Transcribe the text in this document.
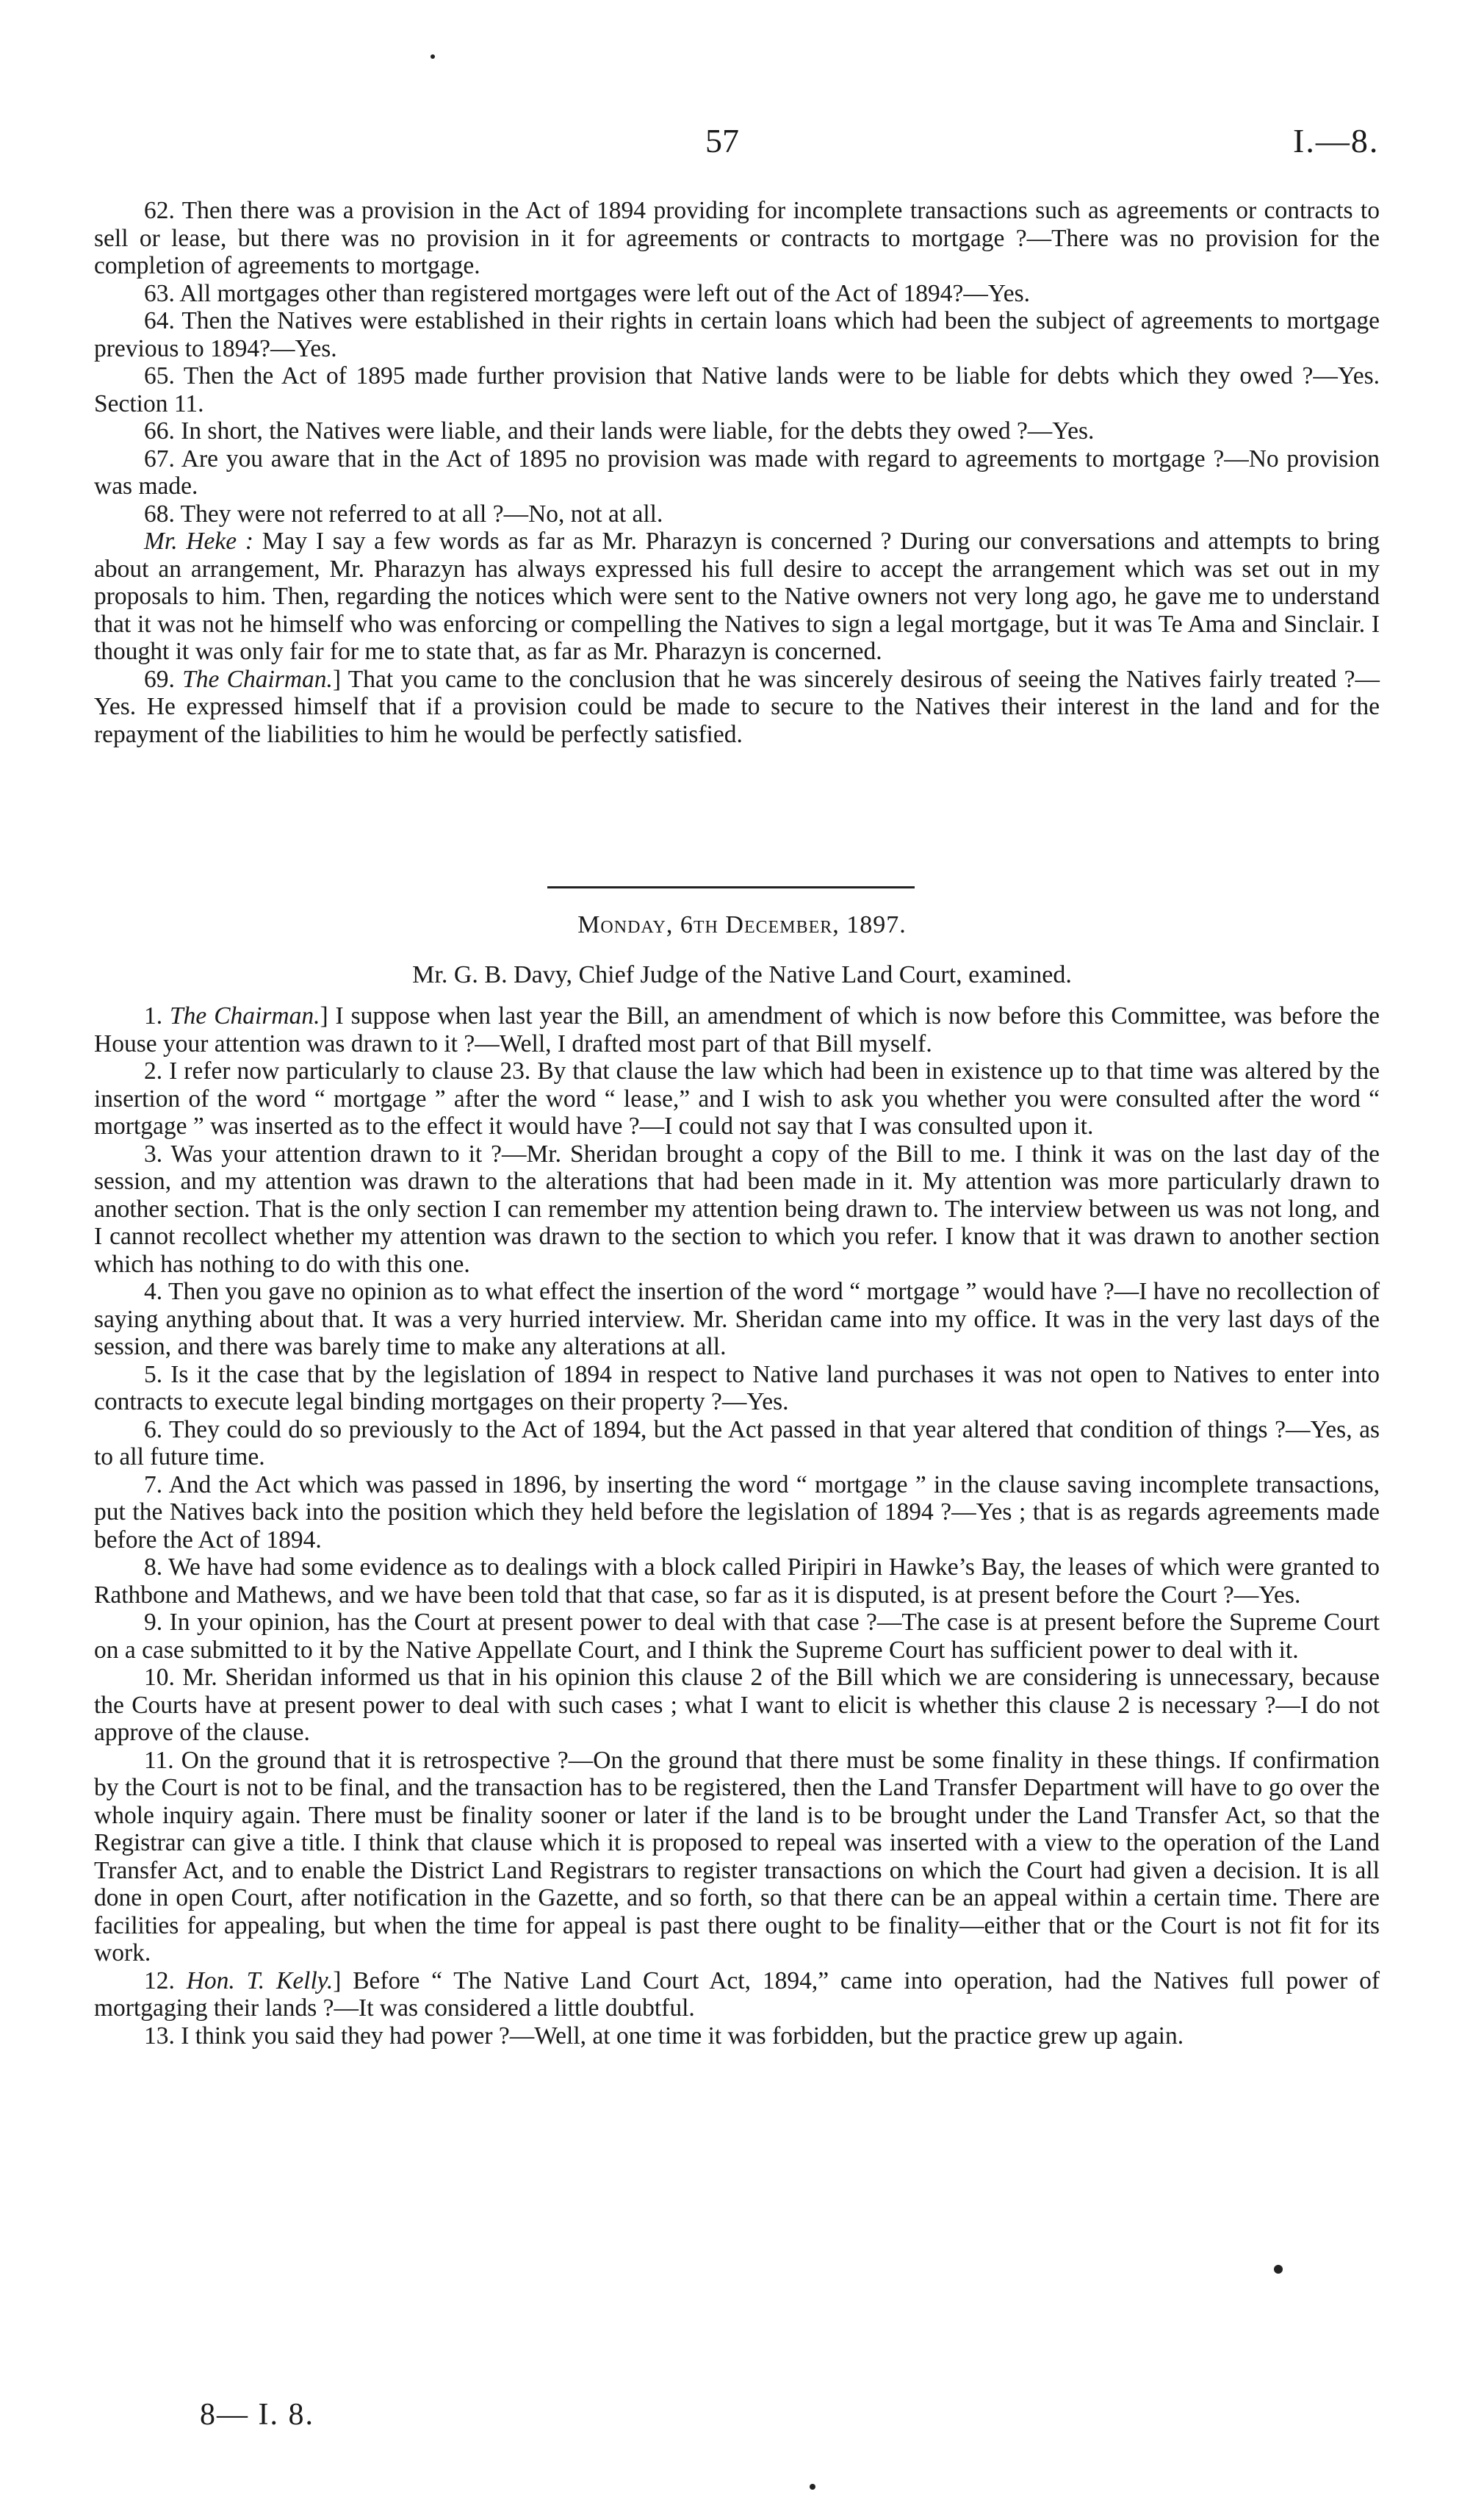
57	I.—8.

62. Then there was a provision in the Act of 1894 providing for incomplete transactions such as agreements or contracts to sell or lease, but there was no provision in it for agreements or contracts to mortgage ?—There was no provision for the completion of agreements to mortgage.

63. All mortgages other than registered mortgages were left out of the Act of 1894?—Yes.

64. Then the Natives were established in their rights in certain loans which had been the subject of agreements to mortgage previous to 1894?—Yes.

65. Then the Act of 1895 made further provision that Native lands were to be liable for debts which they owed ?—Yes. Section 11.

66. In short, the Natives were liable, and their lands were liable, for the debts they owed ?—Yes.

67. Are you aware that in the Act of 1895 no provision was made with regard to agreements to mortgage ?—No provision was made.

68. They were not referred to at all ?—No, not at all.

Mr. Heke : May I say a few words as far as Mr. Pharazyn is concerned ? During our conversations and attempts to bring about an arrangement, Mr. Pharazyn has always expressed his full desire to accept the arrangement which was set out in my proposals to him. Then, regarding the notices which were sent to the Native owners not very long ago, he gave me to understand that it was not he himself who was enforcing or compelling the Natives to sign a legal mortgage, but it was Te Ama and Sinclair. I thought it was only fair for me to state that, as far as Mr. Pharazyn is concerned.

69. The Chairman.] That you came to the conclusion that he was sincerely desirous of seeing the Natives fairly treated ?—Yes. He expressed himself that if a provision could be made to secure to the Natives their interest in the land and for the repayment of the liabilities to him he would be perfectly satisfied.

Monday, 6th December, 1897.
Mr. G. B. Davy, Chief Judge of the Native Land Court, examined.

1. The Chairman.] I suppose when last year the Bill, an amendment of which is now before this Committee, was before the House your attention was drawn to it ?—Well, I drafted most part of that Bill myself.

2. I refer now particularly to clause 23. By that clause the law which had been in existence up to that time was altered by the insertion of the word “ mortgage ” after the word “ lease,” and I wish to ask you whether you were consulted after the word “ mortgage ” was inserted as to the effect it would have ?—I could not say that I was consulted upon it.

3. Was your attention drawn to it ?—Mr. Sheridan brought a copy of the Bill to me. I think it was on the last day of the session, and my attention was drawn to the alterations that had been made in it. My attention was more particularly drawn to another section. That is the only section I can remember my attention being drawn to. The interview between us was not long, and I cannot recollect whether my attention was drawn to the section to which you refer. I know that it was drawn to another section which has nothing to do with this one.

4. Then you gave no opinion as to what effect the insertion of the word “ mortgage ” would have ?—I have no recollection of saying anything about that. It was a very hurried interview. Mr. Sheridan came into my office. It was in the very last days of the session, and there was barely time to make any alterations at all.

5. Is it the case that by the legislation of 1894 in respect to Native land purchases it was not open to Natives to enter into contracts to execute legal binding mortgages on their property ?—Yes.

6. They could do so previously to the Act of 1894, but the Act passed in that year altered that condition of things ?—Yes, as to all future time.

7. And the Act which was passed in 1896, by inserting the word “ mortgage ” in the clause saving incomplete transactions, put the Natives back into the position which they held before the legislation of 1894 ?—Yes ; that is as regards agreements made before the Act of 1894.

8. We have had some evidence as to dealings with a block called Piripiri in Hawke’s Bay, the leases of which were granted to Rathbone and Mathews, and we have been told that that case, so far as it is disputed, is at present before the Court ?—Yes.

9. In your opinion, has the Court at present power to deal with that case ?—The case is at present before the Supreme Court on a case submitted to it by the Native Appellate Court, and I think the Supreme Court has sufficient power to deal with it.

10. Mr. Sheridan informed us that in his opinion this clause 2 of the Bill which we are considering is unnecessary, because the Courts have at present power to deal with such cases ; what I want to elicit is whether this clause 2 is necessary ?—I do not approve of the clause.

11. On the ground that it is retrospective ?—On the ground that there must be some finality in these things. If confirmation by the Court is not to be final, and the transaction has to be registered, then the Land Transfer Department will have to go over the whole inquiry again. There must be finality sooner or later if the land is to be brought under the Land Transfer Act, so that the Registrar can give a title. I think that clause which it is proposed to repeal was inserted with a view to the operation of the Land Transfer Act, and to enable the District Land Registrars to register transactions on which the Court had given a decision. It is all done in open Court, after notification in the Gazette, and so forth, so that there can be an appeal within a certain time. There are facilities for appealing, but when the time for appeal is past there ought to be finality—either that or the Court is not fit for its work.

12. Hon. T. Kelly.] Before “ The Native Land Court Act, 1894,” came into operation, had the Natives full power of mortgaging their lands ?—It was considered a little doubtful.

13. I think you said they had power ?—Well, at one time it was forbidden, but the practice grew up again.

8— I. 8.
